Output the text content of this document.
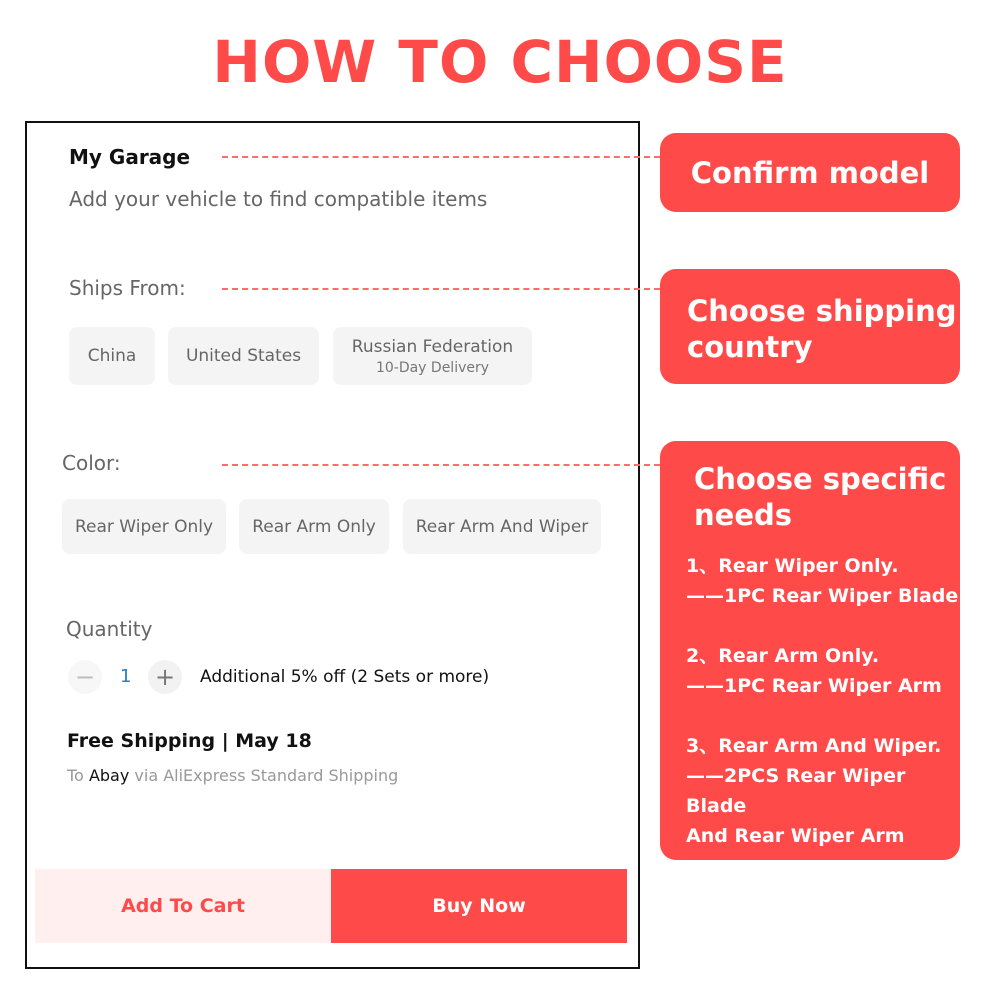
HOW TO CHOOSE
My Garage
Add your vehicle to find compatible items
Ships From:
China	United States	Russian Federation
10-Day Delivery
Color:
Rear Wiper Only Rear Arm Only Rear Arm And Wiper
Quantity
− 1 + Additional 5% off (2 Sets or more)
Free Shipping | May 18
To Abay via AliExpress Standard Shipping
Add To Cart	Buy Now
Confirm model
Choose shipping
country
Choose specific
needs
1、Rear Wiper Only.
——1PC Rear Wiper Blade
2、Rear Arm Only.
——1PC Rear Wiper Arm
3、Rear Arm And Wiper.
——2PCS Rear Wiper Blade
And Rear Wiper Arm
